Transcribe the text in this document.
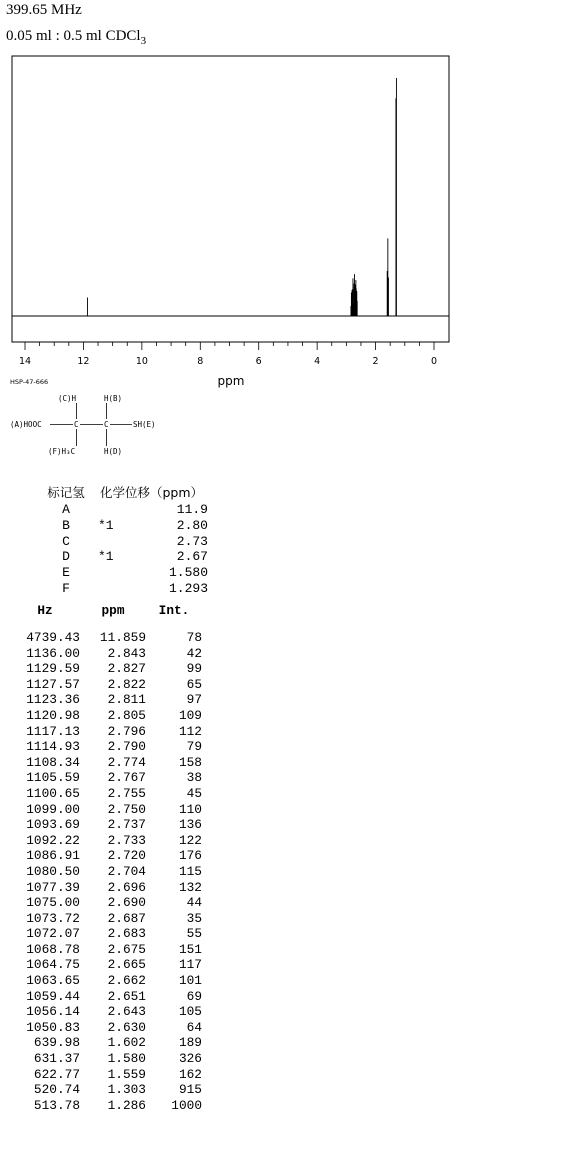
399.65 MHz
0.05 ml : 0.5 ml CDCl$_3$
14	12	10	8	6	4	2	0
ppm
HSP-47-666
(C)H	H(B)
(A)HOOC	C	C	SH(E)
(F)H₃C	H(D)
标记氢	化学位移（ppm）	
A		11.9
B	*1	2.80
C		2.73
D	*1	2.67
E		1.580
F		1.293
Hz	ppm	Int.
4739.43	11.859	78
1136.00	2.843	42
1129.59	2.827	99
1127.57	2.822	65
1123.36	2.811	97
1120.98	2.805	109
1117.13	2.796	112
1114.93	2.790	79
1108.34	2.774	158
1105.59	2.767	38
1100.65	2.755	45
1099.00	2.750	110
1093.69	2.737	136
1092.22	2.733	122
1086.91	2.720	176
1080.50	2.704	115
1077.39	2.696	132
1075.00	2.690	44
1073.72	2.687	35
1072.07	2.683	55
1068.78	2.675	151
1064.75	2.665	117
1063.65	2.662	101
1059.44	2.651	69
1056.14	2.643	105
1050.83	2.630	64
639.98	1.602	189
631.37	1.580	326
622.77	1.559	162
520.74	1.303	915
513.78	1.286	1000
